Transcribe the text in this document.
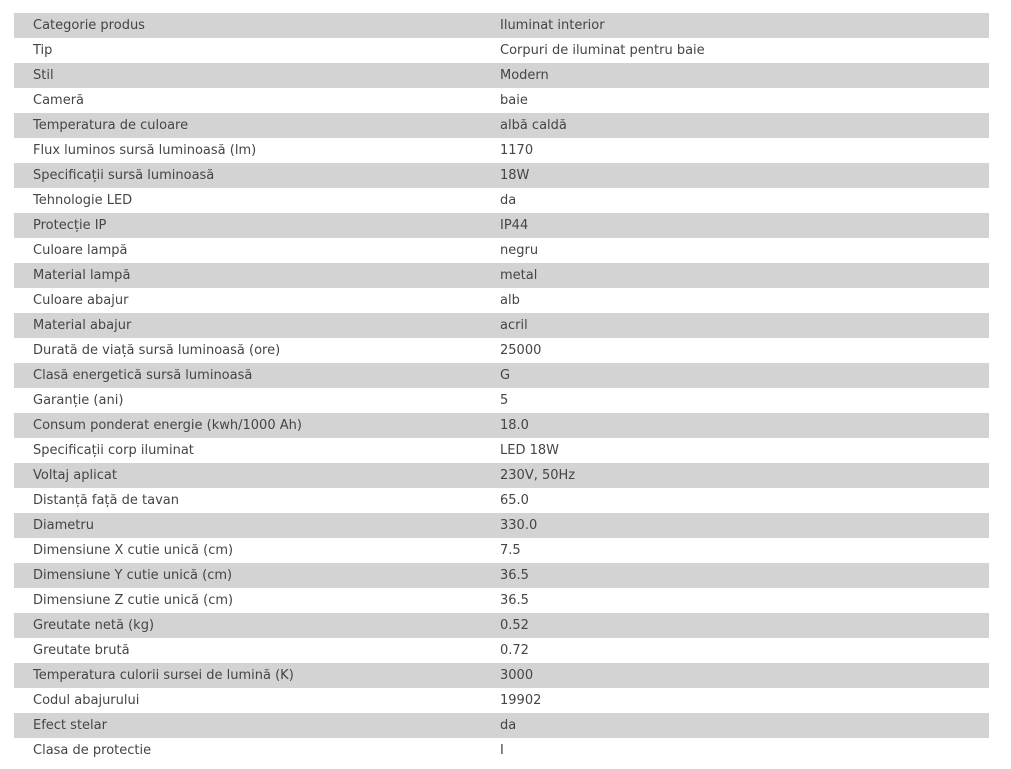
Categorie produs	Iluminat interior
Tip	Corpuri de iluminat pentru baie
Stil	Modern
Cameră	baie
Temperatura de culoare	albă caldă
Flux luminos sursă luminoasă (lm)	1170
Specificații sursă luminoasă	18W
Tehnologie LED	da
Protecție IP	IP44
Culoare lampă	negru
Material lampă	metal
Culoare abajur	alb
Material abajur	acril
Durată de viață sursă luminoasă (ore)	25000
Clasă energetică sursă luminoasă	G
Garanție (ani)	5
Consum ponderat energie (kwh/1000 Ah)	18.0
Specificații corp iluminat	LED 18W
Voltaj aplicat	230V, 50Hz
Distanță față de tavan	65.0
Diametru	330.0
Dimensiune X cutie unică (cm)	7.5
Dimensiune Y cutie unică (cm)	36.5
Dimensiune Z cutie unică (cm)	36.5
Greutate netă (kg)	0.52
Greutate brută	0.72
Temperatura culorii sursei de lumină (K)	3000
Codul abajurului	19902
Efect stelar	da
Clasa de protectie	I
